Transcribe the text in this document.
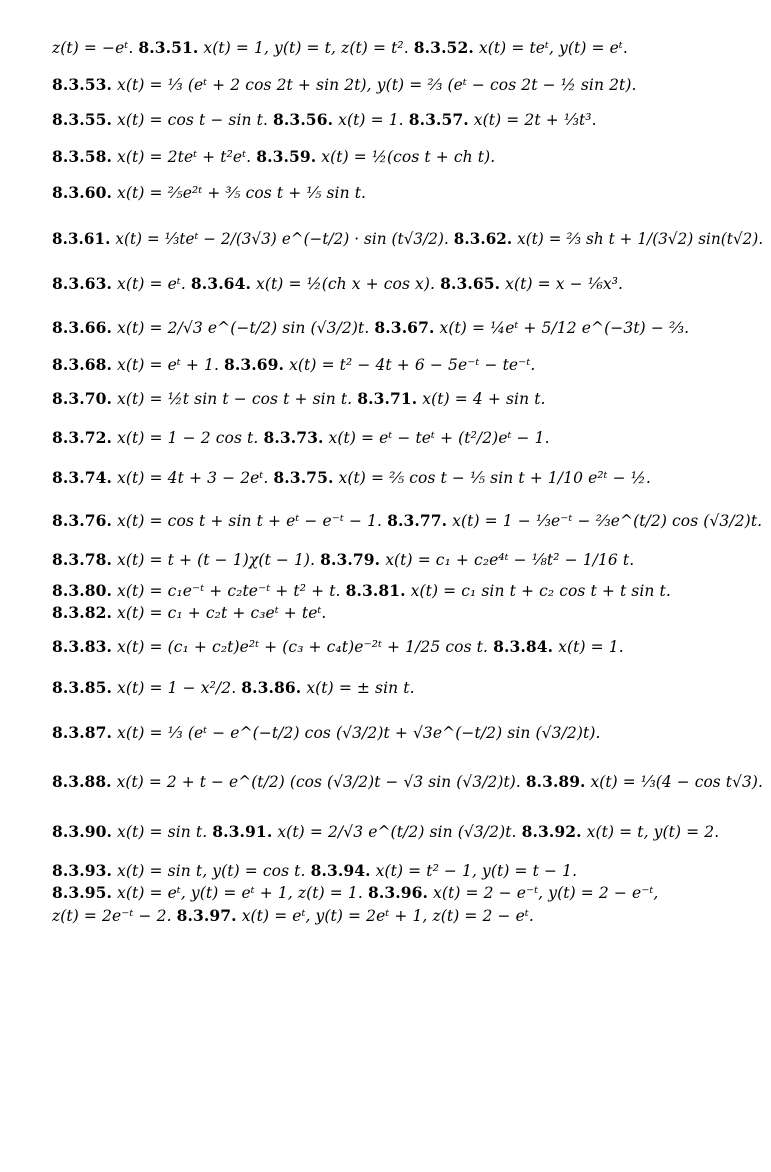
z(t) = −eᵗ. 8.3.51. x(t) = 1, y(t) = t, z(t) = t². 8.3.52. x(t) = teᵗ, y(t) = eᵗ.
8.3.53. x(t) = ⅓ (eᵗ + 2 cos 2t + sin 2t), y(t) = ⅔ (eᵗ − cos 2t − ½ sin 2t).
8.3.55. x(t) = cos t − sin t. 8.3.56. x(t) = 1. 8.3.57. x(t) = 2t + ⅓t³.
8.3.58. x(t) = 2teᵗ + t²eᵗ. 8.3.59. x(t) = ½(cos t + ch t).
8.3.60. x(t) = ⅖e²ᵗ + ⅗ cos t + ⅕ sin t.
8.3.61. x(t) = ⅓teᵗ − 2/(3√3) e^(−t/2) · sin (t√3/2). 8.3.62. x(t) = ⅔ sh t + 1/(3√2) sin(t√2).
8.3.63. x(t) = eᵗ. 8.3.64. x(t) = ½(ch x + cos x). 8.3.65. x(t) = x − ⅙x³.
8.3.66. x(t) = 2/√3 e^(−t/2) sin (√3/2)t. 8.3.67. x(t) = ¼eᵗ + 5/12 e^(−3t) − ⅔.
8.3.68. x(t) = eᵗ + 1. 8.3.69. x(t) = t² − 4t + 6 − 5e⁻ᵗ − te⁻ᵗ.
8.3.70. x(t) = ½t sin t − cos t + sin t. 8.3.71. x(t) = 4 + sin t.
8.3.72. x(t) = 1 − 2 cos t. 8.3.73. x(t) = eᵗ − teᵗ + (t²/2)eᵗ − 1.
8.3.74. x(t) = 4t + 3 − 2eᵗ. 8.3.75. x(t) = ⅖ cos t − ⅕ sin t + 1/10 e²ᵗ − ½.
8.3.76. x(t) = cos t + sin t + eᵗ − e⁻ᵗ − 1. 8.3.77. x(t) = 1 − ⅓e⁻ᵗ − ⅔e^(t/2) cos (√3/2)t.
8.3.78. x(t) = t + (t − 1)χ(t − 1). 8.3.79. x(t) = c₁ + c₂e⁴ᵗ − ⅛t² − 1/16 t.
8.3.80. x(t) = c₁e⁻ᵗ + c₂te⁻ᵗ + t² + t. 8.3.81. x(t) = c₁ sin t + c₂ cos t + t sin t.
8.3.82. x(t) = c₁ + c₂t + c₃eᵗ + teᵗ.
8.3.83. x(t) = (c₁ + c₂t)e²ᵗ + (c₃ + c₄t)e⁻²ᵗ + 1/25 cos t. 8.3.84. x(t) = 1.
8.3.85. x(t) = 1 − x²/2. 8.3.86. x(t) = ± sin t.
8.3.87. x(t) = ⅓ (eᵗ − e^(−t/2) cos (√3/2)t + √3e^(−t/2) sin (√3/2)t).
8.3.88. x(t) = 2 + t − e^(t/2) (cos (√3/2)t − √3 sin (√3/2)t). 8.3.89. x(t) = ⅓(4 − cos t√3).
8.3.90. x(t) = sin t. 8.3.91. x(t) = 2/√3 e^(t/2) sin (√3/2)t. 8.3.92. x(t) = t, y(t) = 2.
8.3.93. x(t) = sin t, y(t) = cos t. 8.3.94. x(t) = t² − 1, y(t) = t − 1.
8.3.95. x(t) = eᵗ, y(t) = eᵗ + 1, z(t) = 1. 8.3.96. x(t) = 2 − e⁻ᵗ, y(t) = 2 − e⁻ᵗ,
z(t) = 2e⁻ᵗ − 2. 8.3.97. x(t) = eᵗ, y(t) = 2eᵗ + 1, z(t) = 2 − eᵗ.
